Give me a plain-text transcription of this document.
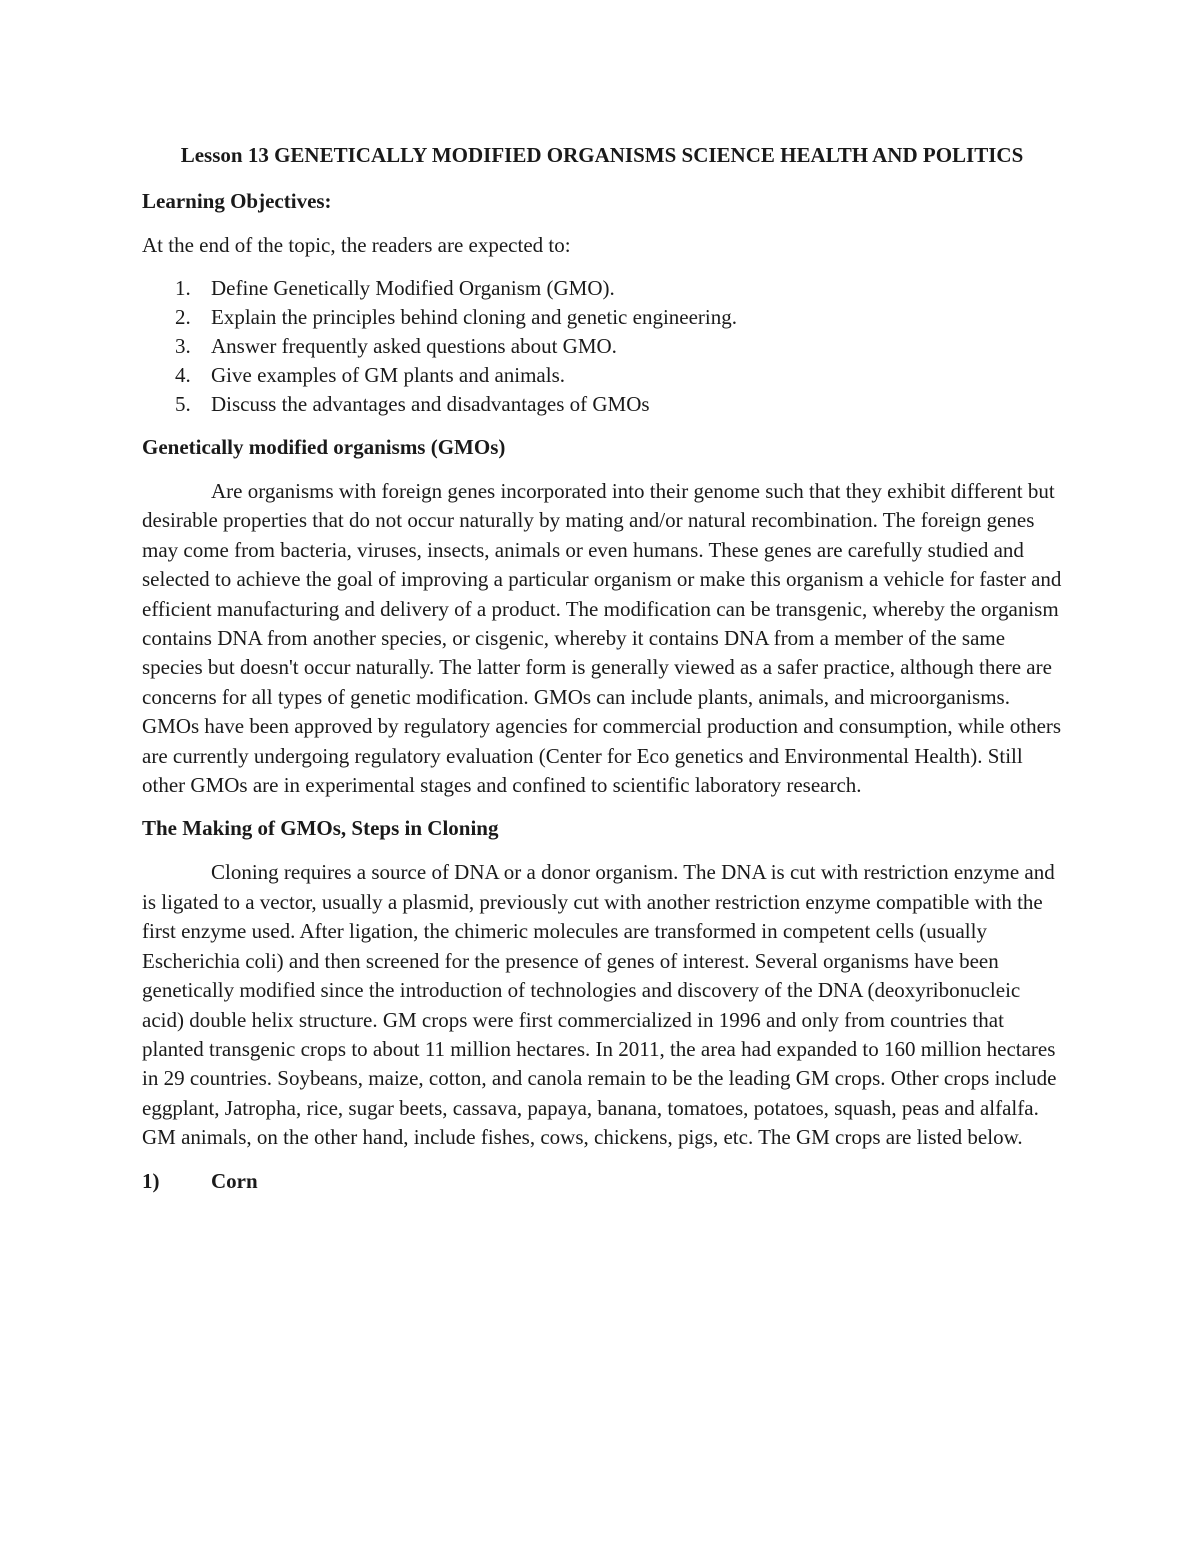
Lesson 13 GENETICALLY MODIFIED ORGANISMS SCIENCE HEALTH AND POLITICS
Learning Objectives:
At the end of the topic, the readers are expected to:
1. Define Genetically Modified Organism (GMO).
2. Explain the principles behind cloning and genetic engineering.
3. Answer frequently asked questions about GMO.
4. Give examples of GM plants and animals.
5. Discuss the advantages and disadvantages of GMOs
Genetically modified organisms (GMOs)

Are organisms with foreign genes incorporated into their genome such that they exhibit different but desirable properties that do not occur naturally by mating and/or natural recombination. The foreign genes may come from bacteria, viruses, insects, animals or even humans. These genes are carefully studied and selected to achieve the goal of improving a particular organism or make this organism a vehicle for faster and efficient manufacturing and delivery of a product. The modification can be transgenic, whereby the organism contains DNA from another species, or cisgenic, whereby it contains DNA from a member of the same species but doesn't occur naturally. The latter form is generally viewed as a safer practice, although there are concerns for all types of genetic modification. GMOs can include plants, animals, and microorganisms. GMOs have been approved by regulatory agencies for commercial production and consumption, while others are currently undergoing regulatory evaluation (Center for Eco genetics and Environmental Health). Still other GMOs are in experimental stages and confined to scientific laboratory research.

The Making of GMOs, Steps in Cloning

Cloning requires a source of DNA or a donor organism. The DNA is cut with restriction enzyme and is ligated to a vector, usually a plasmid, previously cut with another restriction enzyme compatible with the first enzyme used. After ligation, the chimeric molecules are transformed in competent cells (usually Escherichia coli) and then screened for the presence of genes of interest. Several organisms have been genetically modified since the introduction of technologies and discovery of the DNA (deoxyribonucleic acid) double helix structure. GM crops were first commercialized in 1996 and only from countries that planted transgenic crops to about 11 million hectares. In 2011, the area had expanded to 160 million hectares in 29 countries. Soybeans, maize, cotton, and canola remain to be the leading GM crops. Other crops include eggplant, Jatropha, rice, sugar beets, cassava, papaya, banana, tomatoes, potatoes, squash, peas and alfalfa. GM animals, on the other hand, include fishes, cows, chickens, pigs, etc. The GM crops are listed below.

1)	Corn
